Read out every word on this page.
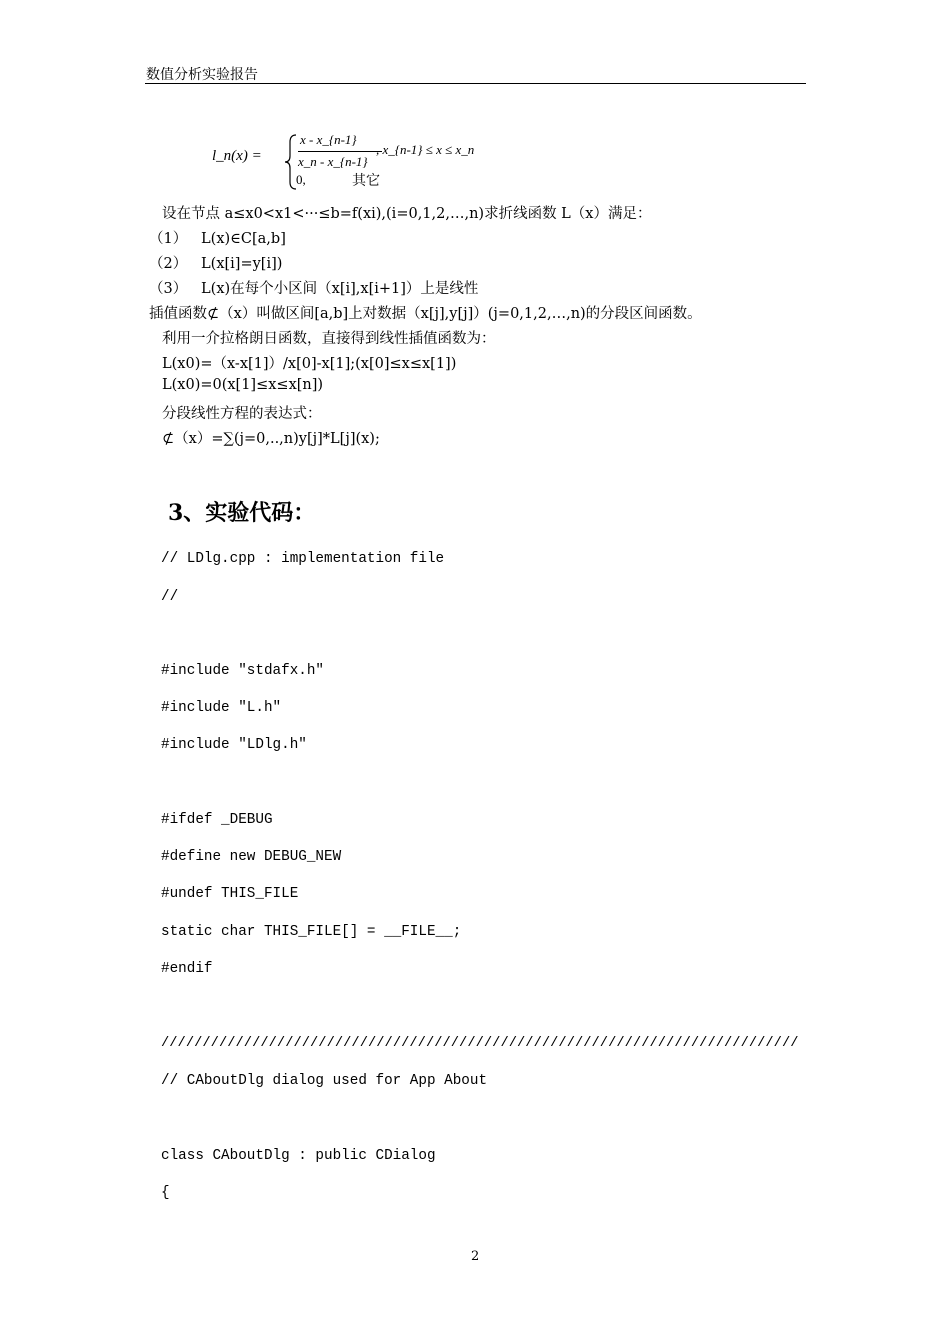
数值分析实验报告

l_n(x) =

x - x_{n-1}

x_n - x_{n-1}

, x_{n-1} ≤ x ≤ x_n

0,

	其它

设在节点 a≤x0<x1<···≤b=f(xi),(i=0,1,2,…,n)求折线函数 L（x）满足：
（1）   L(x)∈C[a,b]
（2）   L(x[i]=y[i])
（3）   L(x)在每个小区间（x[i],x[i+1]）上是线性
插值函数⊄（x）叫做区间[a,b]上对数据（x[j],y[j]）(j=0,1,2,…,n)的分段区间函数。
利用一介拉格朗日函数，直接得到线性插值函数为：
L(x0)=（x-x[1]）/x[0]-x[1];(x[0]≤x≤x[1])
L(x0)=0(x[1]≤x≤x[n])
分段线性方程的表达式：
⊄（x）=∑(j=0,..,n)y[j]*L[j](x);
3、实验代码：
// LDlg.cpp : implementation file
//
#include "stdafx.h"
#include "L.h"
#include "LDlg.h"
#ifdef _DEBUG
#define new DEBUG_NEW
#undef THIS_FILE
static char THIS_FILE[] = __FILE__;
#endif
/////////////////////////////////////////////////////////////////////////////
// CAboutDlg dialog used for App About
class CAboutDlg : public CDialog
{
2
